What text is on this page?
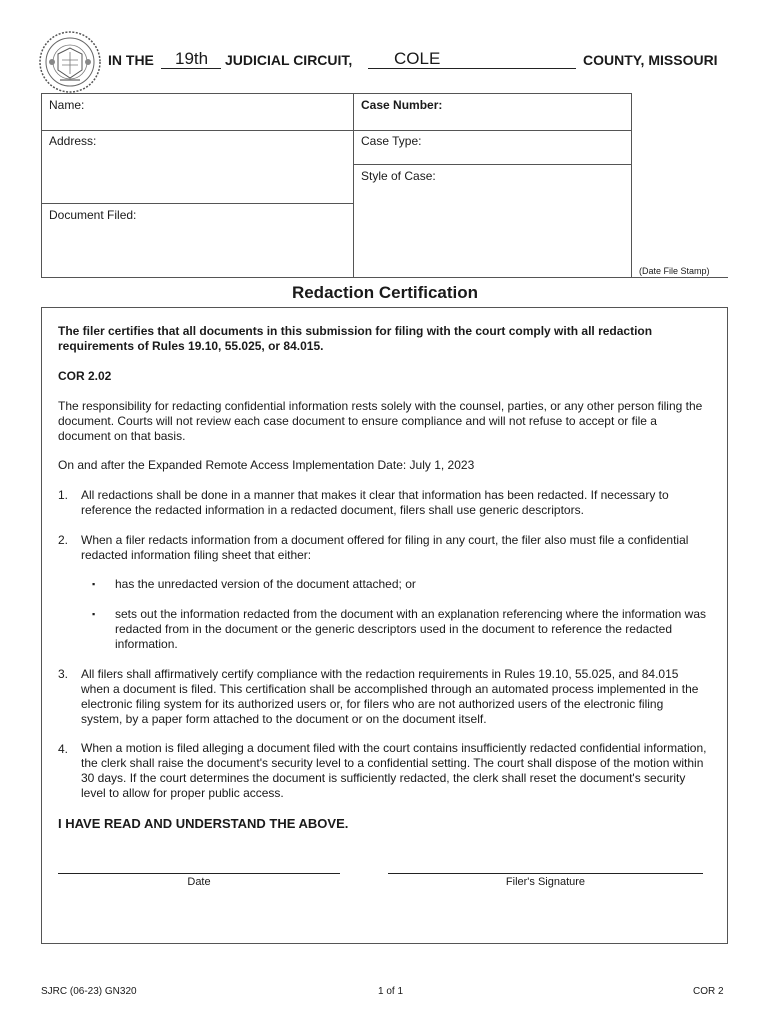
IN THE 19th JUDICIAL CIRCUIT, COLE	COUNTY, MISSOURI
Name:
Address:
Document Filed:
Case Number:
Case Type:
Style of Case:
(Date File Stamp)
Redaction Certification
The filer certifies that all documents in this submission for filing with the court comply with all redaction requirements of Rules 19.10, 55.025, or 84.015.
COR 2.02
The responsibility for redacting confidential information rests solely with the counsel, parties, or any other person filing the document. Courts will not review each case document to ensure compliance and will not refuse to accept or file a document on that basis.
On and after the Expanded Remote Access Implementation Date: July 1, 2023
1. All redactions shall be done in a manner that makes it clear that information has been redacted. If necessary to reference the redacted information in a redacted document, filers shall use generic descriptors.
2. When a filer redacts information from a document offered for filing in any court, the filer also must file a confidential redacted information filing sheet that either:
▪ has the unredacted version of the document attached; or
▪ sets out the information redacted from the document with an explanation referencing where the information was redacted from in the document or the generic descriptors used in the document to reference the redacted information.
3. All filers shall affirmatively certify compliance with the redaction requirements in Rules 19.10, 55.025, and 84.015 when a document is filed. This certification shall be accomplished through an automated process implemented in the electronic filing system for its authorized users or, for filers who are not authorized users of the electronic filing system, by a paper form attached to the document or on the document itself.
4. When a motion is filed alleging a document filed with the court contains insufficiently redacted confidential information, the clerk shall raise the document's security level to a confidential setting. The court shall dispose of the motion within 30 days. If the court determines the document is sufficiently redacted, the clerk shall reset the document's security level to allow for proper public access.
I HAVE READ AND UNDERSTAND THE ABOVE.
Date	Filer's Signature
SJRC (06-23) GN320	1 of 1	COR 2
